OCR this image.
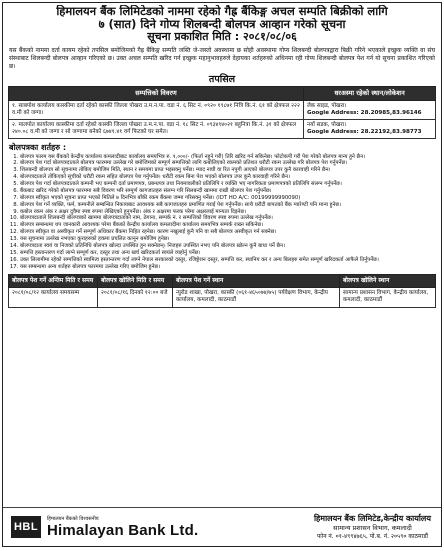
हिमालयन बैंक लिमिटेडको नाममा रहेको गैह्र बैंकिङ्ग अचल सम्पति बिक्रीको लागि
७ (सात) दिने गोप्य शिलबन्दी बोलपत्र आव्हान गरेको सूचना
सूचना प्रकाशित मिति : २०८१/०८/०६
यस बैंकको नाममा दर्ता कायम रहेको तपसिल बमोजिमको गैह्र बैंकिङ्ग सम्पति जस्ति जे-जस्तो अवस्थामा छ सोही अवस्थामा गोप्य शिलबन्दी बोलपत्रद्वारा बिक्री गरिने भएकाले इच्छुक व्यक्ति वा संघ संस्थाबाट शिलबन्दी बोलपत्र आव्हान गरिएको छ। उक्त अचल सम्पति खरिद गर्न इच्छुक महानुभावहरुले देहायका शर्तहरुको अधिनमा रही गोप्य शिलबन्दी बोलपत्र पेश गर्न यो सूचना प्रकाशित गरिएको छ।
तपसिल
सम्पत्तिको विवरण	धरअस्मा रहेको स्थान/लोकेशन
१. साबपोश कार्यालय कास्कीमा दर्ता रहेको कास्की जिल्ला पोखरा उ.म.न.पा. वडा नं. ६ सिट नं. ०९२० १९८७१ नित्रि कि.नं. ६१ को क्षेत्रफल २२२ व.मी को जग्गा।	लेक साइड, पोखरा।
Google Address: 28.20985,83.96146

२. मालपोत कार्यालय कास्कीमा दर्ता रहेको कास्की जिल्ला पोखरा उ.म.न.पा. वडा नं. १८ सिट नं. ०९३४९४०२१ बहुनित्रा कि.नं. ३१ को क्षेत्रफल २४०.०८ व.मी को जग्गा र सो जग्गामा बनेको ६७४१.४१ वर्ग फिटको घर समेत।	नयाँ सडक, पोखरा।
Google Address: 28.22192,83.98773
बोलपत्रका शर्तहरु :
1. बोलपत्र फारम यस बैंकको केन्द्रीय कार्यालय कमलादीबाट कार्यालय समयभित्र रु. १,०००/- (फिर्ता नहुने गरी) तिरि खरिद गर्न सकिनेछ। फोटोकपी गरी पेश गरेको बोलपत्र मान्य हुने छैन।
2. बोलपत्र पेश गर्दा बोलपत्रदाताले बोलपत्र फारममा उल्लेख गरे बमोजिमको सम्पूर्ण सम्पत्तिको लागि कबोलिएको रकमको प्रतिशत धरौटी रकम उल्लेख गरि बोलपत्र पेश गर्नुपर्नेछ।
3. शिलबन्दी बोलपत्र सो सूचनामा तोकिए बमोजिम मिति, स्थान र समयमा प्राप्त भइसक्नु पर्नेछ। म्याद नाघी वा रित नपुगी आएको बोलपत्र उपर कुनै कारवाही गरिने छैन।
4. बोलपत्रदाताले तोकिएको सूचीको धरौटी रकम सहित बोलपत्र पेश गर्नुपर्नेछ। धरौटी रकम बिना पेश भएको बोलपत्र उपर कुनै कारवाही गरिने छैन।
5. बोलपत्र पेश गर्दा बोलपत्रदाताले कम्पनी भए कम्पनी दर्ता प्रमाणपत्र, प्रबन्धपत्र तथा नियमावलीको प्रतिलिपि र व्यक्ति भए नागरिकता प्रमाणपत्रको प्रतिलिपि संलग्न गर्नुपर्नेछ।
6. बैंकबाट खरिद गरेको बोलपत्र फारममा सबै विवरण भरि सम्पूर्ण कागजातहरु संलग्न गरि सिलबन्दी खाममा राखी बोलपत्र पेश गर्नुपर्नेछ।
7. बोलपत्र स्वीकृत भएको सूचना प्राप्त भएको मितिले ७ दिनभित्र बाँकी रकम बैंकमा जम्मा गरिसक्नु पर्नेछ। (IDT HO A/C: 00199999990090)
8. बोलपत्र पेश गर्ने व्यक्ति, फर्म, कम्पनीले सम्बन्धित निकायबाट आवश्यक सबै कागजातहरु प्रमाणित गराई पेश गर्नुपर्नेछ। साथै धरौटी बापतको बैंक ग्यारेण्टी पनि मान्य हुनेछ।
9. कबोल रकम अंक र अक्षर दुवैमा स्पष्ट रुपमा लेखिएको हुनुपर्नेछ। अंक र अक्षरमा फरक परेमा अक्षरलाई मान्यता दिइनेछ।
10. बोलपत्रदाताले शिलबन्दी बोलपत्रको खाममा बोलपत्रदाताको नाम, ठेगाना, सम्पर्क नं. र सम्पत्तिको विवरण स्पष्ट रुपमा उल्लेख गर्नुपर्नेछ।
11. बोलपत्र सम्बन्धमा थप जानकारी आवश्यक परेमा बैंकको केन्द्रीय कार्यालय कमलादीमा कार्यालय समयभित्र सम्पर्क राख्न सकिनेछ।
12. बोलपत्र स्वीकृत वा अस्वीकृत गर्ने सम्पूर्ण अधिकार बैंकमा निहित रहनेछ। कारण नखुलाई कुनै पनि वा सबै बोलपत्र अस्वीकृत गर्न सक्नेछ।
13. यस सूचनामा उल्लेख नभएका कुराहरुको हकमा प्रचलित कानून बमोजिम हुनेछ।
14. बोलपत्रदाता स्वयं वा निजको प्रतिनिधि बोलपत्र खोल्दा उपस्थित हुन सक्नेछन्। निजहरु उपस्थित नभए पनि बोलपत्र खोल्न कुनै बाधा पर्ने छैन।
15. सम्पत्ति हस्तान्तरण गर्दा लाग्ने सम्पूर्ण कर, दस्तुर तथा अन्य खर्च खरिदकर्ता स्वयंले व्यहोर्नु पर्नेछ।
16. उक्त लिलामीमा रहेको सम्पत्तिको स्वामित्व हस्तान्तरण गर्दा लाग्ने नेपाल सरकारको दस्तुर, रजिष्ट्रेशन दस्तुर, सम्पत्ति कर, स्थानिय कर र अन्य बिलहरु समेत सम्पूर्ण खरिदकर्ता आफैले तिर्नुपर्नेछ।
17. यस सम्बन्धमा अन्य शर्तहरु बोलपत्र फारममा उल्लेख गरिए बमोजिम हुनेछ।
बोलपत्र पेश गर्ने अन्तिम मिति र समय	बोलपत्र खोलिने मिति र समय	बोलपत्र पेश गर्ने स्थान	बोलपत्र खोलिने स्थान
२०८१/०८/१२ कार्यालय समयसम्म	२०८१/०८/१६ दिनको १२:०० बजे	न्युरोड शाखा, पोखरा, कास्की (०६१-४६५०७४/७५) पर्यवेक्षण विभाग, केन्द्रीय कार्यालय, कमलादी, काठमाडौं	सामान्य प्रशासन विभाग, केन्द्रीय कार्यालय, कमलादी, काठमाडौं
HBL
हिमालयन बैंकको विश्वसनीय
Himalayan Bank Ltd.
हिमालयन बैंक लिमिटेड,केन्द्रीय कार्यालय
सामान्य प्रशासन विभाग, कमलादी
फोन नं. ०१-४९९४७६५, पो.ब. नं. २०५९० काठमाडौं
